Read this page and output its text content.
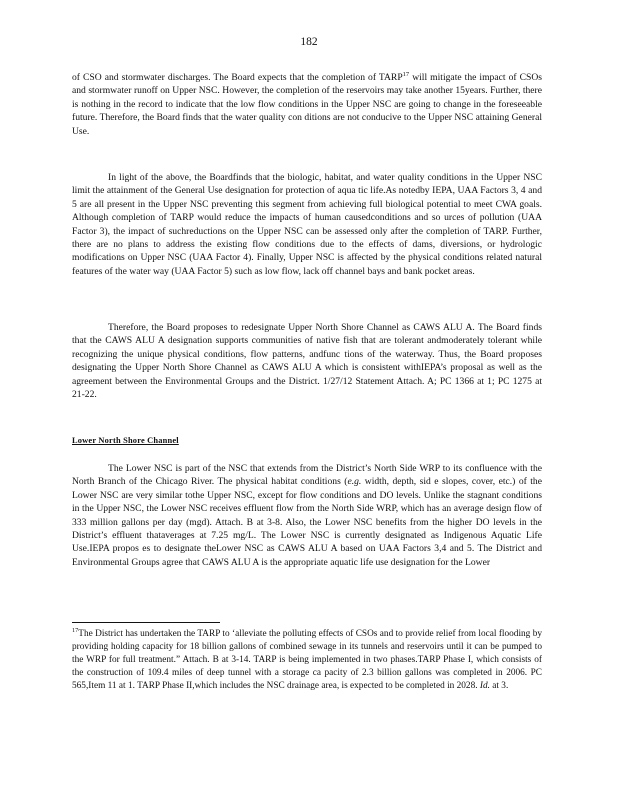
182

of CSO and stormwater discharges. The Board expects that the completion of TARP$^{17}$ will mitigate the impact of CSOs and stormwater runoff on Upper NSC. However, the completion of the reservoirs may take another 15years. Further, there is nothing in the record to indicate that the low flow conditions in the Upper NSC are going to change in the foreseeable future. Therefore, the Board finds that the water quality con ditions are not conducive to the Upper NSC attaining General Use.

In light of the above, the Boardfinds that the biologic, habitat, and water quality conditions in the Upper NSC limit the attainment of the General Use designation for protection of aqua tic life.As notedby IEPA, UAA Factors 3, 4 and 5 are all present in the Upper NSC preventing this segment from achieving full biological potential to meet CWA goals. Although completion of TARP would reduce the impacts of human causedconditions and so urces of pollution (UAA Factor 3), the impact of suchreductions on the Upper NSC can be assessed only after the completion of TARP. Further, there are no plans to address the existing flow conditions due to the effects of dams, diversions, or hydrologic modifications on Upper NSC (UAA Factor 4). Finally, Upper NSC is affected by the physical conditions related natural features of the water way (UAA Factor 5) such as low flow, lack off channel bays and bank pocket areas.

Therefore, the Board proposes to redesignate Upper North Shore Channel as CAWS ALU A. The Board finds that the CAWS ALU A designation supports communities of native fish that are tolerant andmoderately tolerant while recognizing the unique physical conditions, flow patterns, andfunc tions of the waterway. Thus, the Board proposes designating the Upper North Shore Channel as CAWS ALU A which is consistent withIEPA’s proposal as well as the agreement between the Environmental Groups and the District. 1/27/12 Statement Attach. A; PC 1366 at 1; PC 1275 at 21-22.

Lower North Shore Channel

The Lower NSC is part of the NSC that extends from the District’s North Side WRP to its confluence with the North Branch of the Chicago River. The physical habitat conditions (e.g. width, depth, sid e slopes, cover, etc.) of the Lower NSC are very similar tothe Upper NSC, except for flow conditions and DO levels. Unlike the stagnant conditions in the Upper NSC, the Lower NSC receives effluent flow from the North Side WRP, which has an average design flow of 333 million gallons per day (mgd). Attach. B at 3-8. Also, the Lower NSC benefits from the higher DO levels in the District’s effluent thataverages at 7.25 mg/L. The Lower NSC is currently designated as Indigenous Aquatic Life Use.IEPA propos es to designate theLower NSC as CAWS ALU A based on UAA Factors 3,4 and 5. The District and Environmental Groups agree that CAWS ALU A is the appropriate aquatic life use designation for the Lower

$^{17}$The District has undertaken the TARP to ‘alleviate the polluting effects of CSOs and to provide relief from local flooding by providing holding capacity for 18 billion gallons of combined sewage in its tunnels and reservoirs until it can be pumped to the WRP for full treatment.” Attach. B at 3-14. TARP is being implemented in two phases.TARP Phase I, which consists of the construction of 109.4 miles of deep tunnel with a storage ca pacity of 2.3 billion gallons was completed in 2006. PC 565,Item 11 at 1. TARP Phase II,which includes the NSC drainage area, is expected to be completed in 2028. Id. at 3.
